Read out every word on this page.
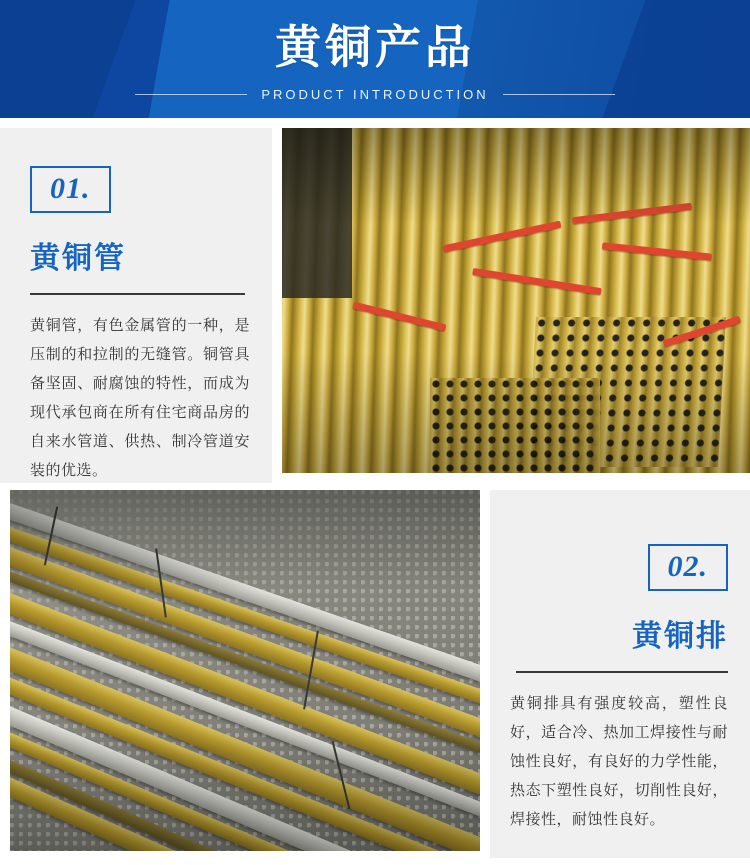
黄铜产品
PRODUCT INTRODUCTION
01.
黄铜管
黄铜管，有色金属管的一种，是压制的和拉制的无缝管。铜管具备坚固、耐腐蚀的特性，而成为现代承包商在所有住宅商品房的自来水管道、供热、制冷管道安装的优选。
02.
黄铜排
黄铜排具有强度较高，塑性良好，适合冷、热加工焊接性与耐蚀性良好，有良好的力学性能，热态下塑性良好，切削性良好，焊接性，耐蚀性良好。
